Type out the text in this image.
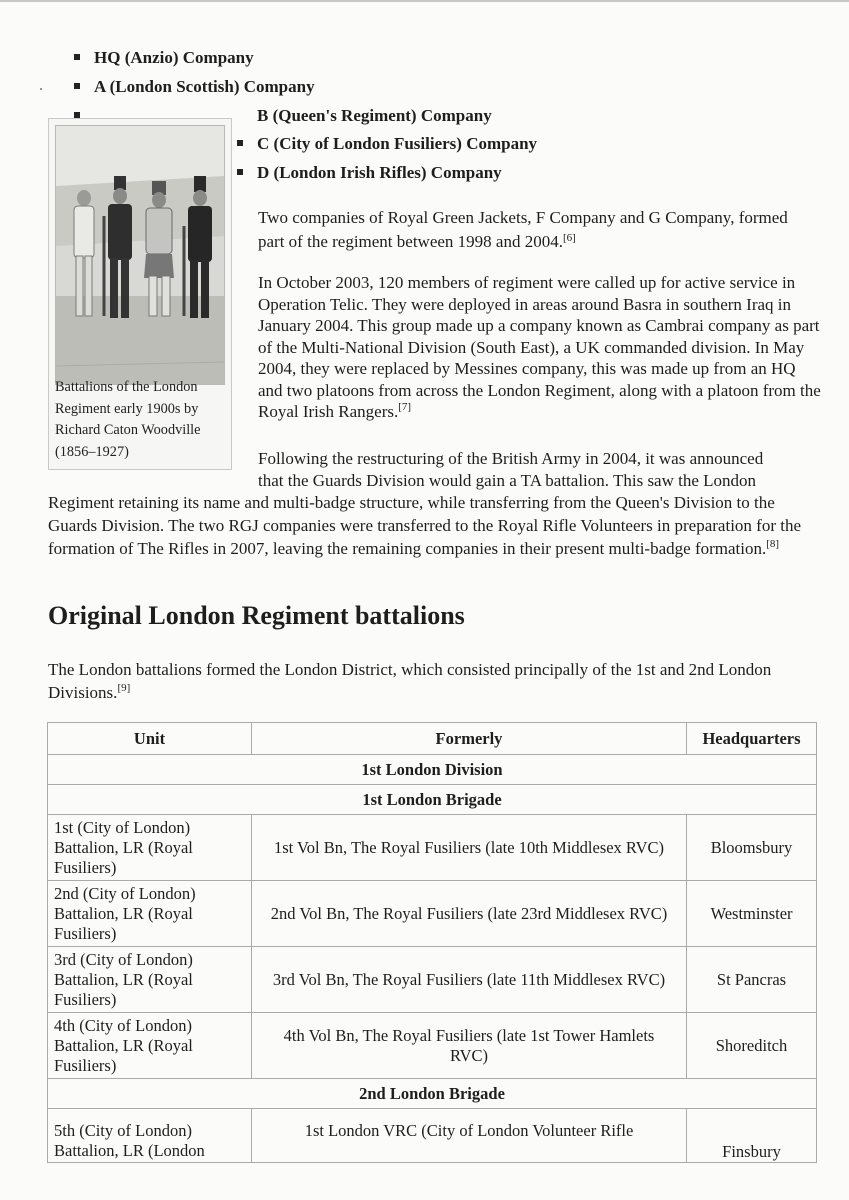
HQ (Anzio) Company
A (London Scottish) Company
B (Queen's Regiment) Company
C (City of London Fusiliers) Company
D (London Irish Rifles) Company
Battalions of the London Regiment early 1900s by Richard Caton Woodville (1856–1927)

Two companies of Royal Green Jackets, F Company and G Company, formed part of the regiment between 1998 and 2004.[6]

In October 2003, 120 members of regiment were called up for active service in Operation Telic. They were deployed in areas around Basra in southern Iraq in January 2004. This group made up a company known as Cambrai company as part of the Multi-National Division (South East), a UK commanded division. In May 2004, they were replaced by Messines company, this was made up from an HQ and two platoons from across the London Regiment, along with a platoon from the Royal Irish Rangers.[7]

Following the restructuring of the British Army in 2004, it was announced

that the Guards Division would gain a TA battalion. This saw the London

Regiment retaining its name and multi-badge structure, while transferring from the Queen's Division to the Guards Division. The two RGJ companies were transferred to the Royal Rifle Volunteers in preparation for the formation of The Rifles in 2007, leaving the remaining companies in their present multi-badge formation.[8]

Original London Regiment battalions

The London battalions formed the London District, which consisted principally of the 1st and 2nd London Divisions.[9]

Unit	Formerly	Headquarters
1st London Division		
1st London Brigade		
1st (City of London) Battalion, LR (Royal Fusiliers)	1st Vol Bn, The Royal Fusiliers (late 10th Middlesex RVC)	Bloomsbury
2nd (City of London) Battalion, LR (Royal Fusiliers)	2nd Vol Bn, The Royal Fusiliers (late 23rd Middlesex RVC)	Westminster
3rd (City of London) Battalion, LR (Royal Fusiliers)	3rd Vol Bn, The Royal Fusiliers (late 11th Middlesex RVC)	St Pancras
4th (City of London) Battalion, LR (Royal Fusiliers)	4th Vol Bn, The Royal Fusiliers (late 1st Tower Hamlets RVC)	Shoreditch
2nd London Brigade		
5th (City of London) Battalion, LR (London	1st London VRC (City of London Volunteer Rifle	Finsbury
